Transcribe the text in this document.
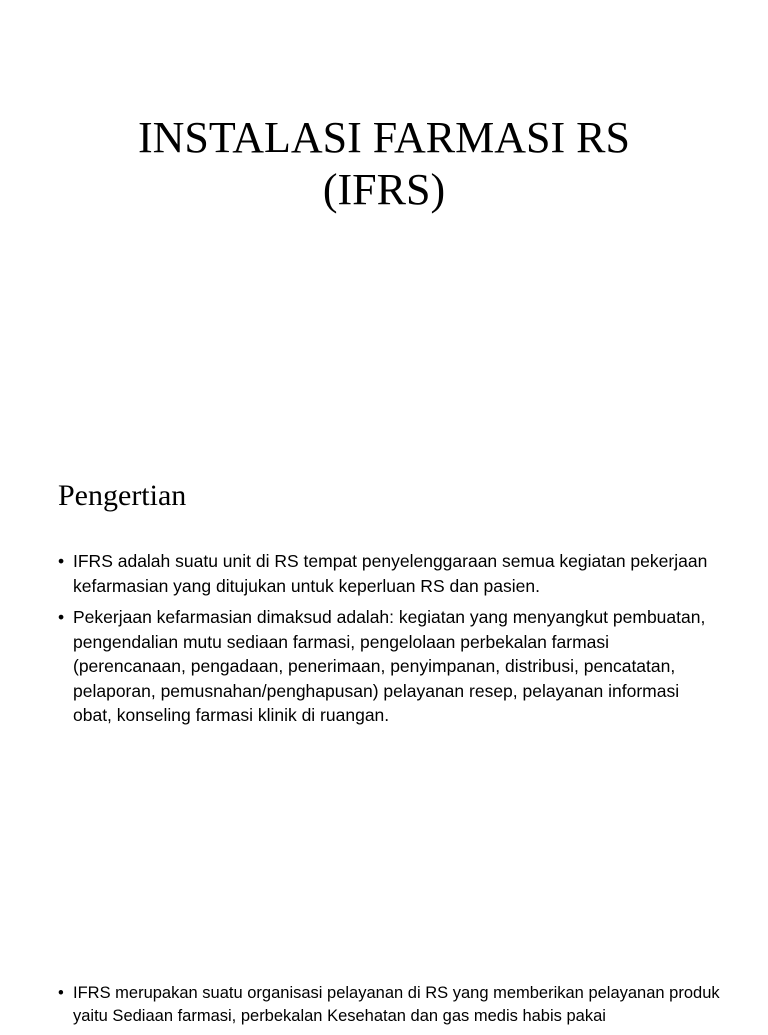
INSTALASI FARMASI RS
(IFRS)
Pengertian
• IFRS adalah suatu unit di RS tempat penyelenggaraan semua kegiatan pekerjaan kefarmasian yang ditujukan untuk keperluan RS dan pasien.
• Pekerjaan kefarmasian dimaksud adalah: kegiatan yang menyangkut pembuatan, pengendalian mutu sediaan farmasi, pengelolaan perbekalan farmasi (perencanaan, pengadaan, penerimaan, penyimpanan, distribusi, pencatatan, pelaporan, pemusnahan/penghapusan) pelayanan resep, pelayanan informasi obat, konseling farmasi klinik di ruangan.
• IFRS merupakan suatu organisasi pelayanan di RS yang memberikan pelayanan produk yaitu Sediaan farmasi, perbekalan Kesehatan dan gas medis habis pakai
